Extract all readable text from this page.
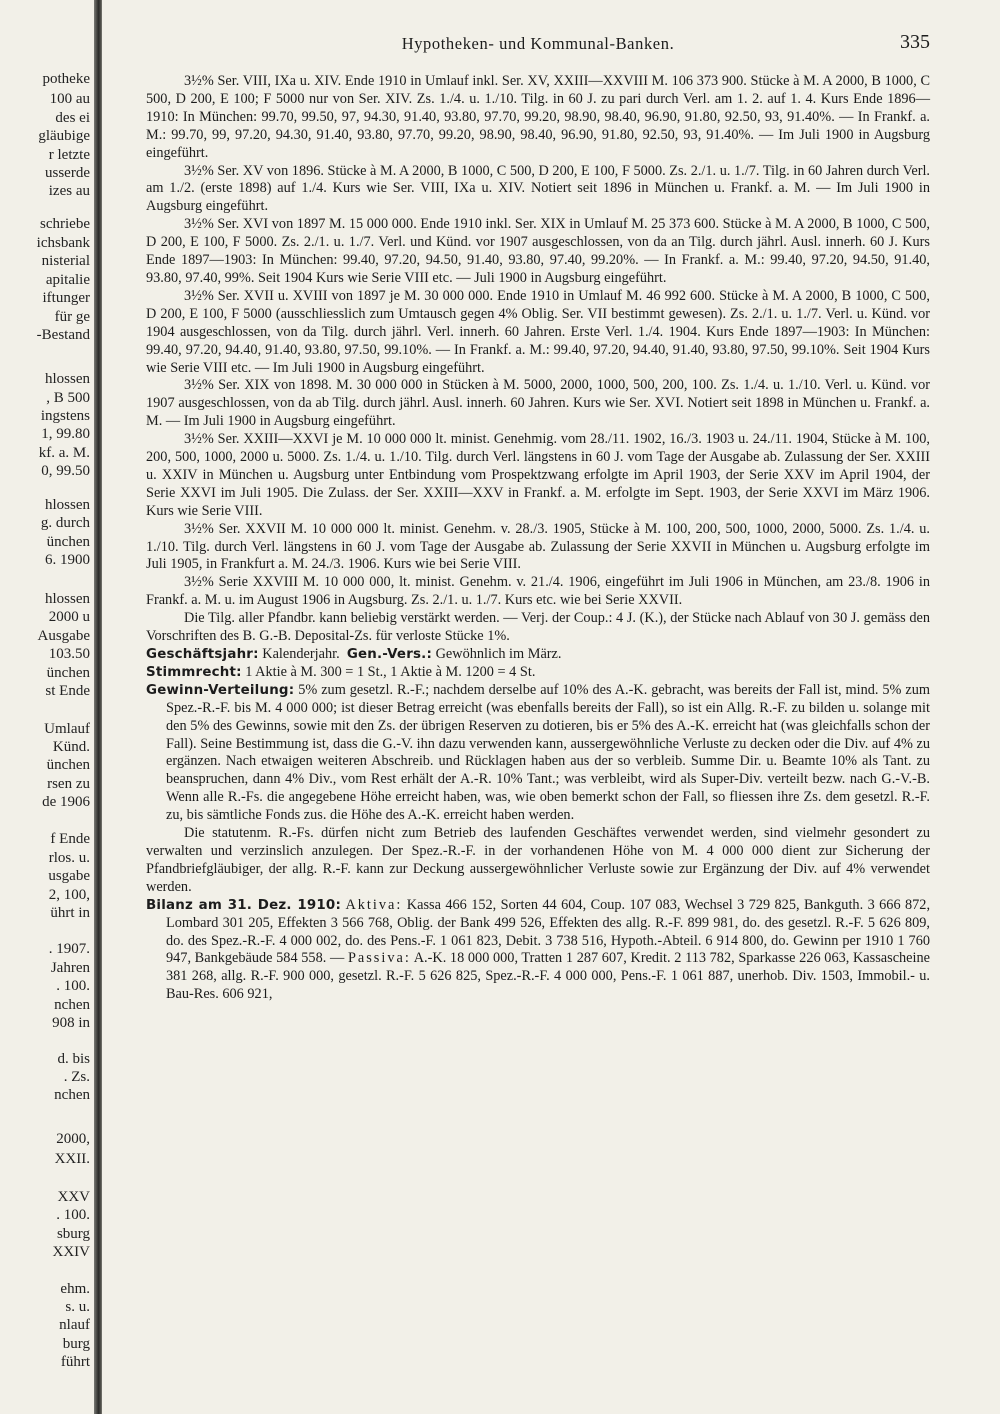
potheke
100 au
des ei
gläubige
r letzte
usserde
izes au
schriebe
ichsbank
nisterial
apitalie
iftunger
für ge
-Bestand
hlossen
, B 500
ingstens
1, 99.80
kf. a. M.
0, 99.50
hlossen
g. durch
ünchen
6. 1900
hlossen
2000 u
Ausgabe
103.50
ünchen
st Ende
Umlauf
Künd.
ünchen
rsen zu
de 1906
f Ende
rlos. u.
usgabe
2, 100,
ührt in
. 1907.
Jahren
. 100.
nchen
908 in
d. bis
. Zs.
nchen
2000,
XXII.
XXV
. 100.
sburg
XXIV
ehm.
s. u.
nlauf
burg
führt
Hypotheken- und Kommunal-Banken.	335

3½% Ser. VIII, IXa u. XIV. Ende 1910 in Umlauf inkl. Ser. XV, XXIII—XXVIII M. 106 373 900. Stücke à M. A 2000, B 1000, C 500, D 200, E 100; F 5000 nur von Ser. XIV. Zs. 1./4. u. 1./10. Tilg. in 60 J. zu pari durch Verl. am 1. 2. auf 1. 4. Kurs Ende 1896—1910: In München: 99.70, 99.50, 97, 94.30, 91.40, 93.80, 97.70, 99.20, 98.90, 98.40, 96.90, 91.80, 92.50, 93, 91.40%. — In Frankf. a. M.: 99.70, 99, 97.20, 94.30, 91.40, 93.80, 97.70, 99.20, 98.90, 98.40, 96.90, 91.80, 92.50, 93, 91.40%. — Im Juli 1900 in Augsburg eingeführt.

3½% Ser. XV von 1896. Stücke à M. A 2000, B 1000, C 500, D 200, E 100, F 5000. Zs. 2./1. u. 1./7. Tilg. in 60 Jahren durch Verl. am 1./2. (erste 1898) auf 1./4. Kurs wie Ser. VIII, IXa u. XIV. Notiert seit 1896 in München u. Frankf. a. M. — Im Juli 1900 in Augsburg eingeführt.

3½% Ser. XVI von 1897 M. 15 000 000. Ende 1910 inkl. Ser. XIX in Umlauf M. 25 373 600. Stücke à M. A 2000, B 1000, C 500, D 200, E 100, F 5000. Zs. 2./1. u. 1./7. Verl. und Künd. vor 1907 ausgeschlossen, von da an Tilg. durch jährl. Ausl. innerh. 60 J. Kurs Ende 1897—1903: In München: 99.40, 97.20, 94.50, 91.40, 93.80, 97.40, 99.20%. — In Frankf. a. M.: 99.40, 97.20, 94.50, 91.40, 93.80, 97.40, 99%. Seit 1904 Kurs wie Serie VIII etc. — Juli 1900 in Augsburg eingeführt.

3½% Ser. XVII u. XVIII von 1897 je M. 30 000 000. Ende 1910 in Umlauf M. 46 992 600. Stücke à M. A 2000, B 1000, C 500, D 200, E 100, F 5000 (ausschliesslich zum Umtausch gegen 4% Oblig. Ser. VII bestimmt gewesen). Zs. 2./1. u. 1./7. Verl. u. Künd. vor 1904 ausgeschlossen, von da Tilg. durch jährl. Verl. innerh. 60 Jahren. Erste Verl. 1./4. 1904. Kurs Ende 1897—1903: In München: 99.40, 97.20, 94.40, 91.40, 93.80, 97.50, 99.10%. — In Frankf. a. M.: 99.40, 97.20, 94.40, 91.40, 93.80, 97.50, 99.10%. Seit 1904 Kurs wie Serie VIII etc. — Im Juli 1900 in Augsburg eingeführt.

3½% Ser. XIX von 1898. M. 30 000 000 in Stücken à M. 5000, 2000, 1000, 500, 200, 100. Zs. 1./4. u. 1./10. Verl. u. Künd. vor 1907 ausgeschlossen, von da ab Tilg. durch jährl. Ausl. innerh. 60 Jahren. Kurs wie Ser. XVI. Notiert seit 1898 in München u. Frankf. a. M. — Im Juli 1900 in Augsburg eingeführt.

3½% Ser. XXIII—XXVI je M. 10 000 000 lt. minist. Genehmig. vom 28./11. 1902, 16./3. 1903 u. 24./11. 1904, Stücke à M. 100, 200, 500, 1000, 2000 u. 5000. Zs. 1./4. u. 1./10. Tilg. durch Verl. längstens in 60 J. vom Tage der Ausgabe ab. Zulassung der Ser. XXIII u. XXIV in München u. Augsburg unter Entbindung vom Prospektzwang erfolgte im April 1903, der Serie XXV im April 1904, der Serie XXVI im Juli 1905. Die Zulass. der Ser. XXIII—XXV in Frankf. a. M. erfolgte im Sept. 1903, der Serie XXVI im März 1906. Kurs wie Serie VIII.

3½% Ser. XXVII M. 10 000 000 lt. minist. Genehm. v. 28./3. 1905, Stücke à M. 100, 200, 500, 1000, 2000, 5000. Zs. 1./4. u. 1./10. Tilg. durch Verl. längstens in 60 J. vom Tage der Ausgabe ab. Zulassung der Serie XXVII in München u. Augsburg erfolgte im Juli 1905, in Frankfurt a. M. 24./3. 1906. Kurs wie bei Serie VIII.

3½% Serie XXVIII M. 10 000 000, lt. minist. Genehm. v. 21./4. 1906, eingeführt im Juli 1906 in München, am 23./8. 1906 in Frankf. a. M. u. im August 1906 in Augsburg. Zs. 2./1. u. 1./7. Kurs etc. wie bei Serie XXVII.

Die Tilg. aller Pfandbr. kann beliebig verstärkt werden. — Verj. der Coup.: 4 J. (K.), der Stücke nach Ablauf von 30 J. gemäss den Vorschriften des B. G.-B. Deposital-Zs. für verloste Stücke 1%.

Geschäftsjahr: Kalenderjahr. Gen.-Vers.: Gewöhnlich im März.

Stimmrecht: 1 Aktie à M. 300 = 1 St., 1 Aktie à M. 1200 = 4 St.

Gewinn-Verteilung: 5% zum gesetzl. R.-F.; nachdem derselbe auf 10% des A.-K. gebracht, was bereits der Fall ist, mind. 5% zum Spez.-R.-F. bis M. 4 000 000; ist dieser Betrag erreicht (was ebenfalls bereits der Fall), so ist ein Allg. R.-F. zu bilden u. solange mit den 5% des Gewinns, sowie mit den Zs. der übrigen Reserven zu dotieren, bis er 5% des A.-K. erreicht hat (was gleichfalls schon der Fall). Seine Bestimmung ist, dass die G.-V. ihn dazu verwenden kann, aussergewöhnliche Verluste zu decken oder die Div. auf 4% zu ergänzen. Nach etwaigen weiteren Abschreib. und Rücklagen haben aus der so verbleib. Summe Dir. u. Beamte 10% als Tant. zu beanspruchen, dann 4% Div., vom Rest erhält der A.-R. 10% Tant.; was verbleibt, wird als Super-Div. verteilt bezw. nach G.-V.-B. Wenn alle R.-Fs. die angegebene Höhe erreicht haben, was, wie oben bemerkt schon der Fall, so fliessen ihre Zs. dem gesetzl. R.-F. zu, bis sämtliche Fonds zus. die Höhe des A.-K. erreicht haben werden.

Die statutenm. R.-Fs. dürfen nicht zum Betrieb des laufenden Geschäftes verwendet werden, sind vielmehr gesondert zu verwalten und verzinslich anzulegen. Der Spez.-R.-F. in der vorhandenen Höhe von M. 4 000 000 dient zur Sicherung der Pfandbriefgläubiger, der allg. R.-F. kann zur Deckung aussergewöhnlicher Verluste sowie zur Ergänzung der Div. auf 4% verwendet werden.

Bilanz am 31. Dez. 1910: Aktiva: Kassa 466 152, Sorten 44 604, Coup. 107 083, Wechsel 3 729 825, Bankguth. 3 666 872, Lombard 301 205, Effekten 3 566 768, Oblig. der Bank 499 526, Effekten des allg. R.-F. 899 981, do. des gesetzl. R.-F. 5 626 809, do. des Spez.-R.-F. 4 000 002, do. des Pens.-F. 1 061 823, Debit. 3 738 516, Hypoth.-Abteil. 6 914 800, do. Gewinn per 1910 1 760 947, Bankgebäude 584 558. — Passiva: A.-K. 18 000 000, Tratten 1 287 607, Kredit. 2 113 782, Sparkasse 226 063, Kassascheine 381 268, allg. R.-F. 900 000, gesetzl. R.-F. 5 626 825, Spez.-R.-F. 4 000 000, Pens.-F. 1 061 887, unerhob. Div. 1503, Immobil.- u. Bau-Res. 606 921,
